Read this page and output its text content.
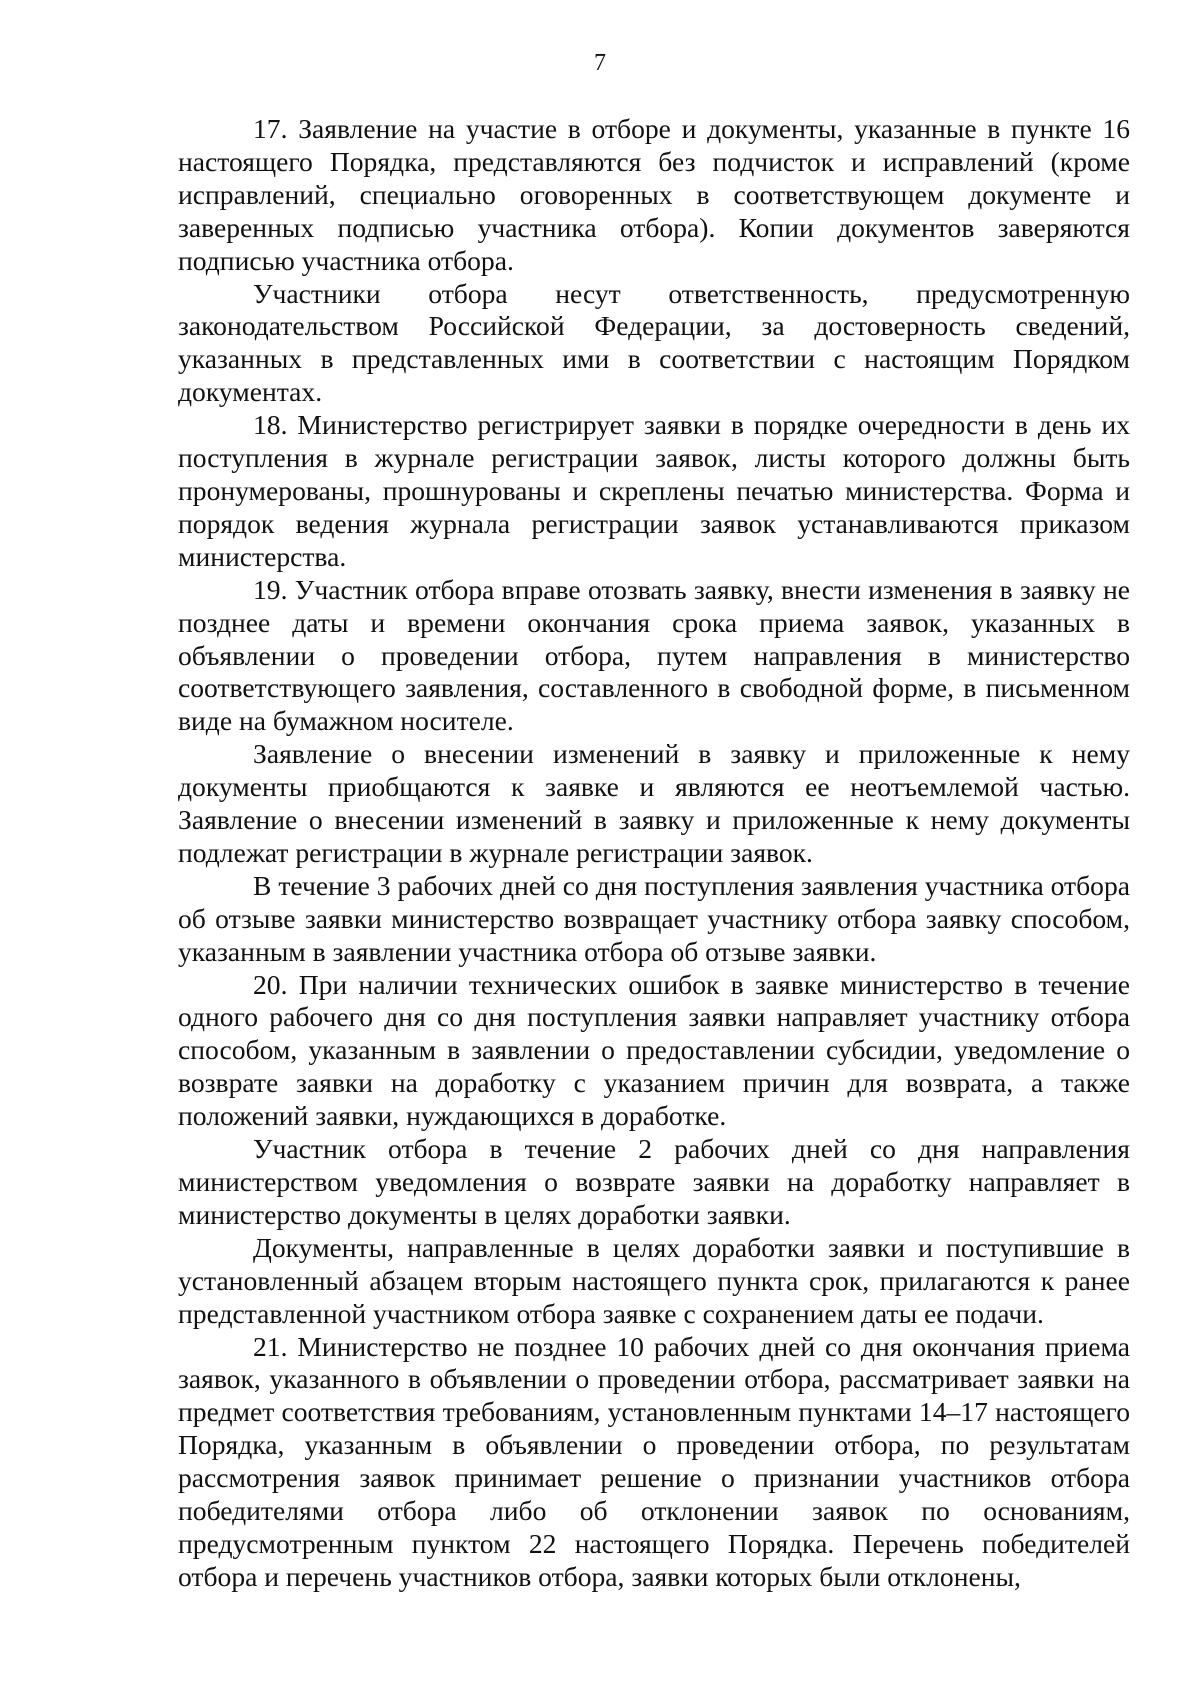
7

17. Заявление на участие в отборе и документы, указанные в пункте 16 настоящего Порядка, представляются без подчисток и исправлений (кроме исправлений, специально оговоренных в соответствующем документе и заверенных подписью участника отбора). Копии документов заверяются подписью участника отбора.

Участники отбора несут ответственность, предусмотренную законодательством Российской Федерации, за достоверность сведений, указанных в представленных ими в соответствии с настоящим Порядком документах.

18. Министерство регистрирует заявки в порядке очередности в день их поступления в журнале регистрации заявок, листы которого должны быть пронумерованы, прошнурованы и скреплены печатью министерства. Форма и порядок ведения журнала регистрации заявок устанавливаются приказом министерства.

19. Участник отбора вправе отозвать заявку, внести изменения в заявку не позднее даты и времени окончания срока приема заявок, указанных в объявлении о проведении отбора, путем направления в министерство соответствующего заявления, составленного в свободной форме, в письменном виде на бумажном носителе.

Заявление о внесении изменений в заявку и приложенные к нему документы приобщаются к заявке и являются ее неотъемлемой частью. Заявление о внесении изменений в заявку и приложенные к нему документы подлежат регистрации в журнале регистрации заявок.

В течение 3 рабочих дней со дня поступления заявления участника отбора об отзыве заявки министерство возвращает участнику отбора заявку способом, указанным в заявлении участника отбора об отзыве заявки.

20. При наличии технических ошибок в заявке министерство в течение одного рабочего дня со дня поступления заявки направляет участнику отбора способом, указанным в заявлении о предоставлении субсидии, уведомление о возврате заявки на доработку с указанием причин для возврата, а также положений заявки, нуждающихся в доработке.

Участник отбора в течение 2 рабочих дней со дня направления министерством уведомления о возврате заявки на доработку направляет в министерство документы в целях доработки заявки.

Документы, направленные в целях доработки заявки и поступившие в установленный абзацем вторым настоящего пункта срок, прилагаются к ранее представленной участником отбора заявке с сохранением даты ее подачи.

21. Министерство не позднее 10 рабочих дней со дня окончания приема заявок, указанного в объявлении о проведении отбора, рассматривает заявки на предмет соответствия требованиям, установленным пунктами 14–17 настоящего Порядка, указанным в объявлении о проведении отбора, по результатам рассмотрения заявок принимает решение о признании участников отбора победителями отбора либо об отклонении заявок по основаниям, предусмотренным пунктом 22 настоящего Порядка. Перечень победителей отбора и перечень участников отбора, заявки которых были отклонены,
